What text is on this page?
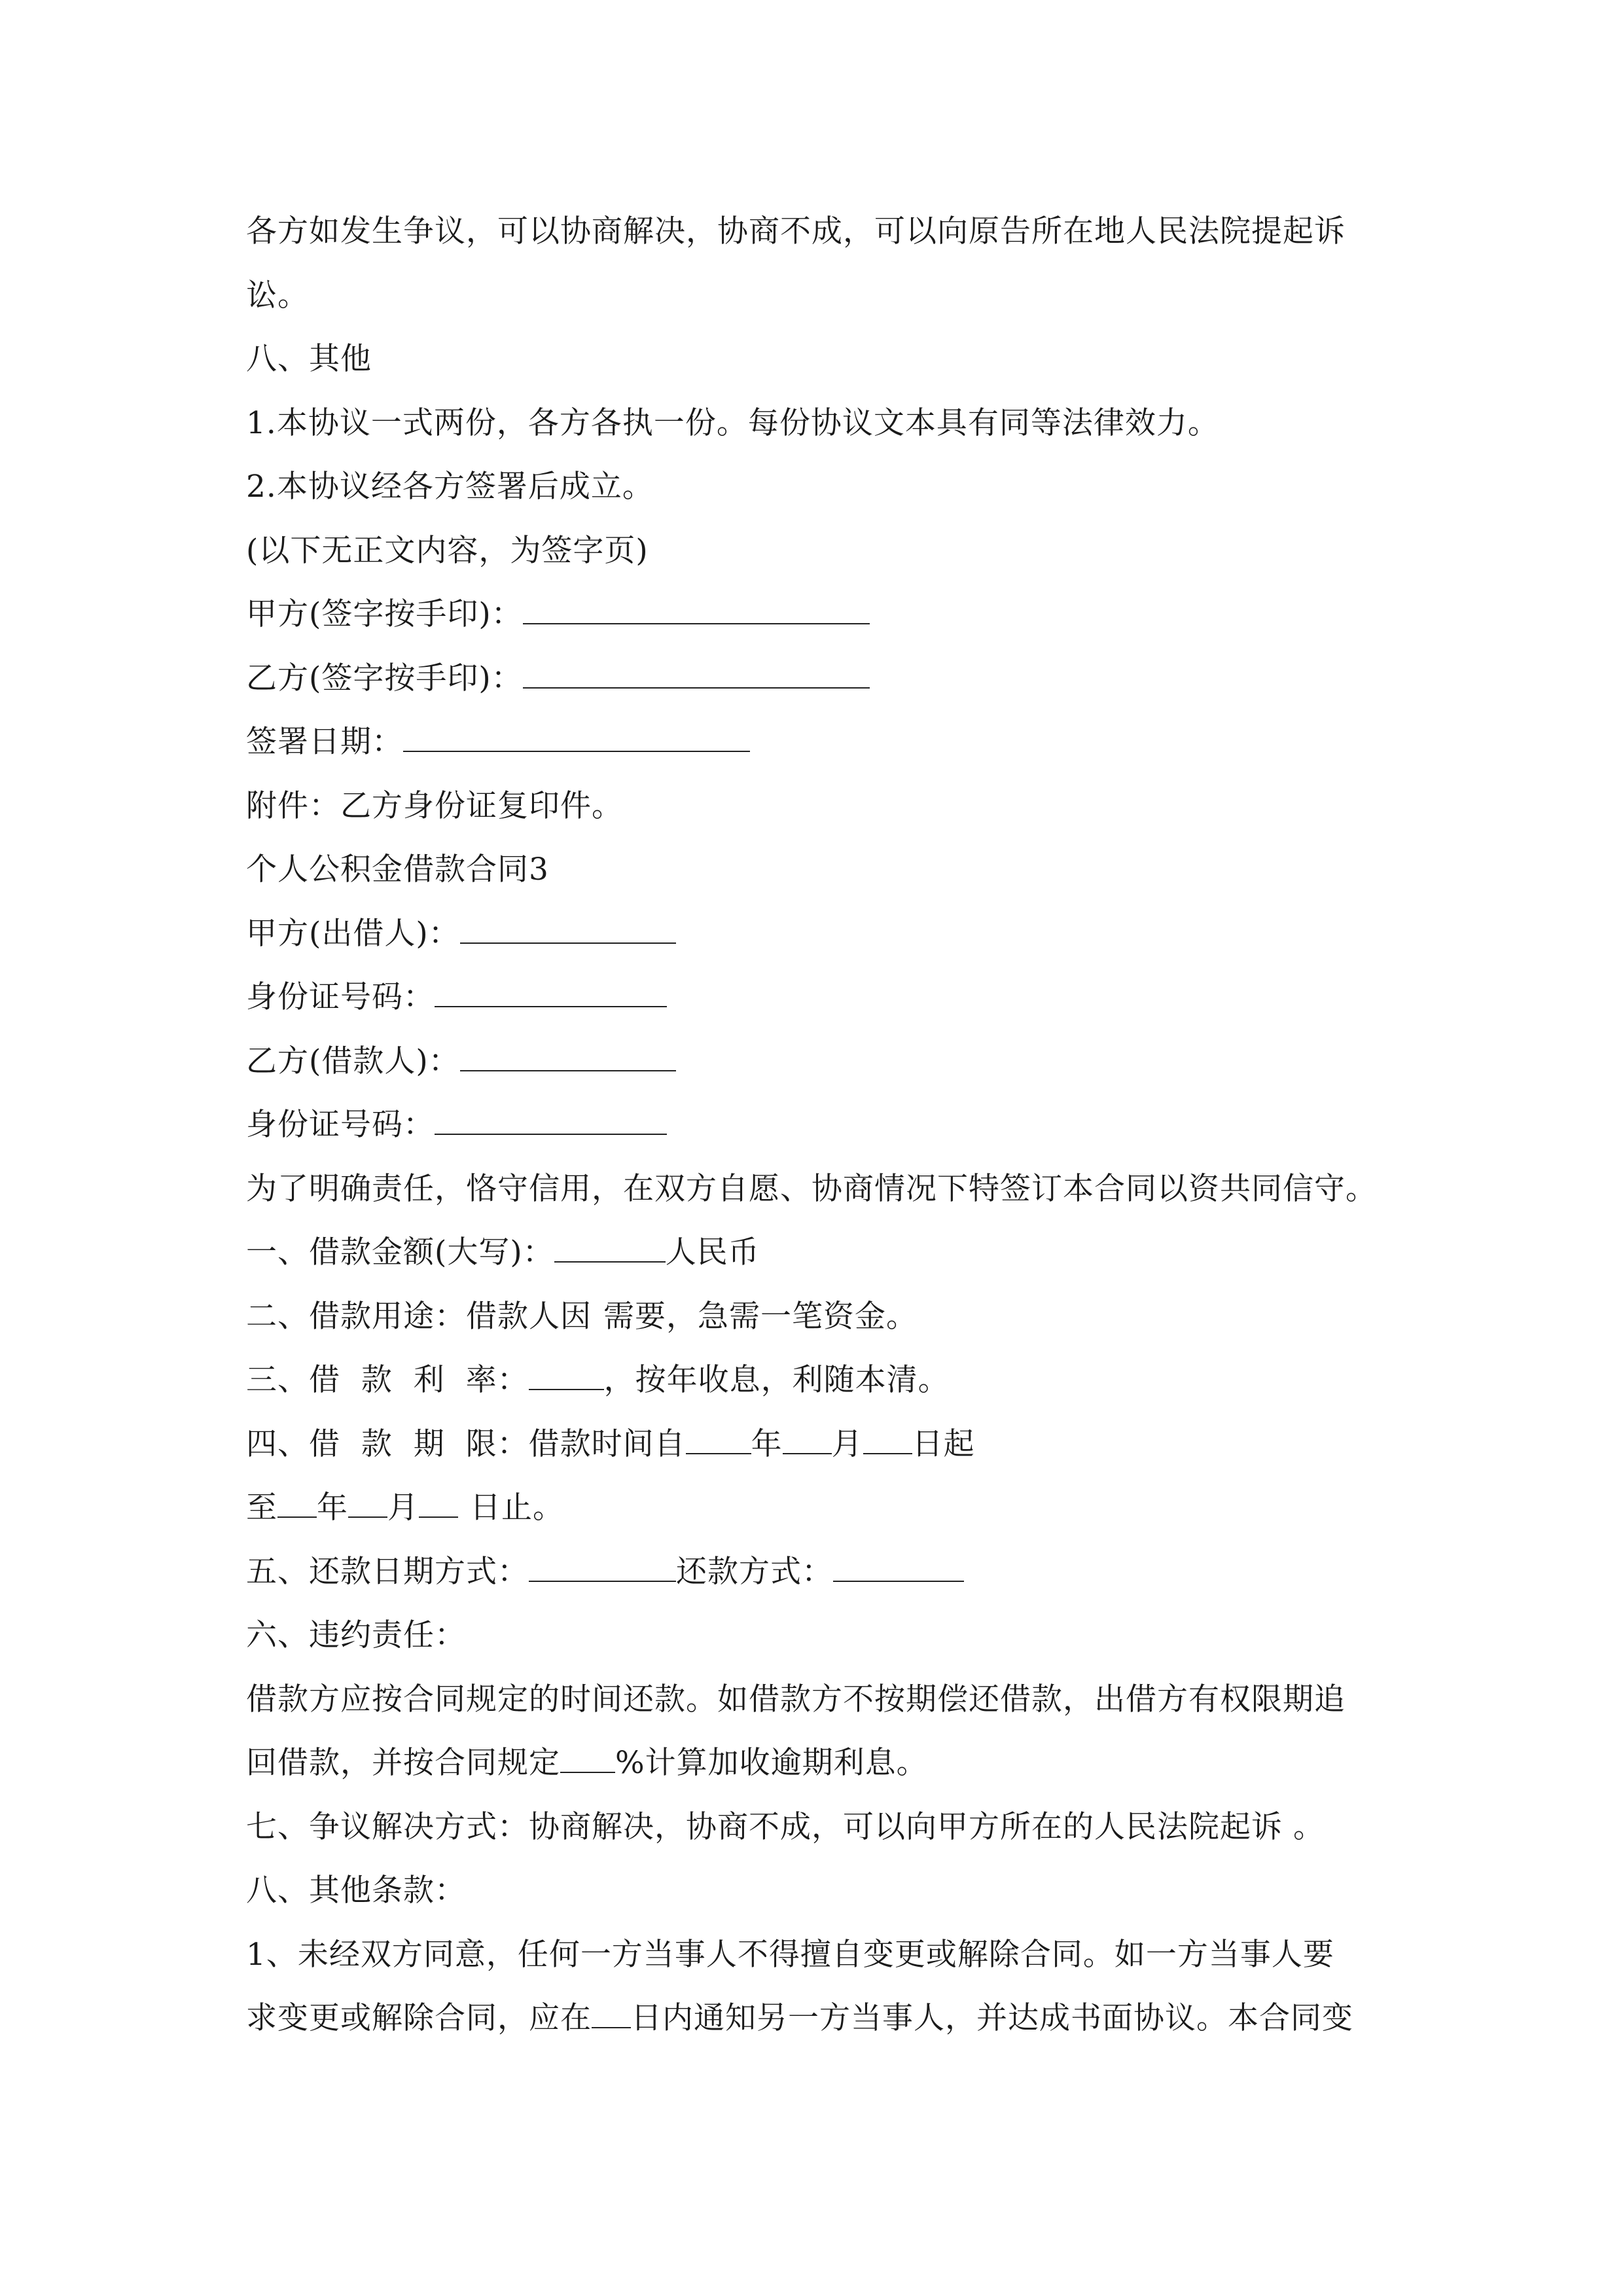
各方如发生争议，可以协商解决，协商不成，可以向原告所在地人民法院提起诉
讼。
八、其他
1.本协议一式两份，各方各执一份。每份协议文本具有同等法律效力。
2.本协议经各方签署后成立。
(以下无正文内容，为签字页)
甲方(签字按手印)：
乙方(签字按手印)：
签署日期：
附件：乙方身份证复印件。
个人公积金借款合同3
甲方(出借人)：
身份证号码：
乙方(借款人)：
身份证号码：
为了明确责任，恪守信用，在双方自愿、协商情况下特签订本合同以资共同信守。
一、借款金额(大写)：	人民币
二、借款用途：借款人因 需要，急需一笔资金。
三、借  款  利  率： ，按年收息，利随本清。
四、借  款  期  限：借款时间自 年 月 日起
至 年 月 日止。
五、还款日期方式：	还款方式：
六、违约责任：
借款方应按合同规定的时间还款。如借款方不按期偿还借款，出借方有权限期追
回借款，并按合同规定 %计算加收逾期利息。
七、争议解决方式：协商解决，协商不成，可以向甲方所在的人民法院起诉 。
八、其他条款：
1、未经双方同意，任何一方当事人不得擅自变更或解除合同。如一方当事人要
求变更或解除合同，应在 日内通知另一方当事人，并达成书面协议。本合同变
